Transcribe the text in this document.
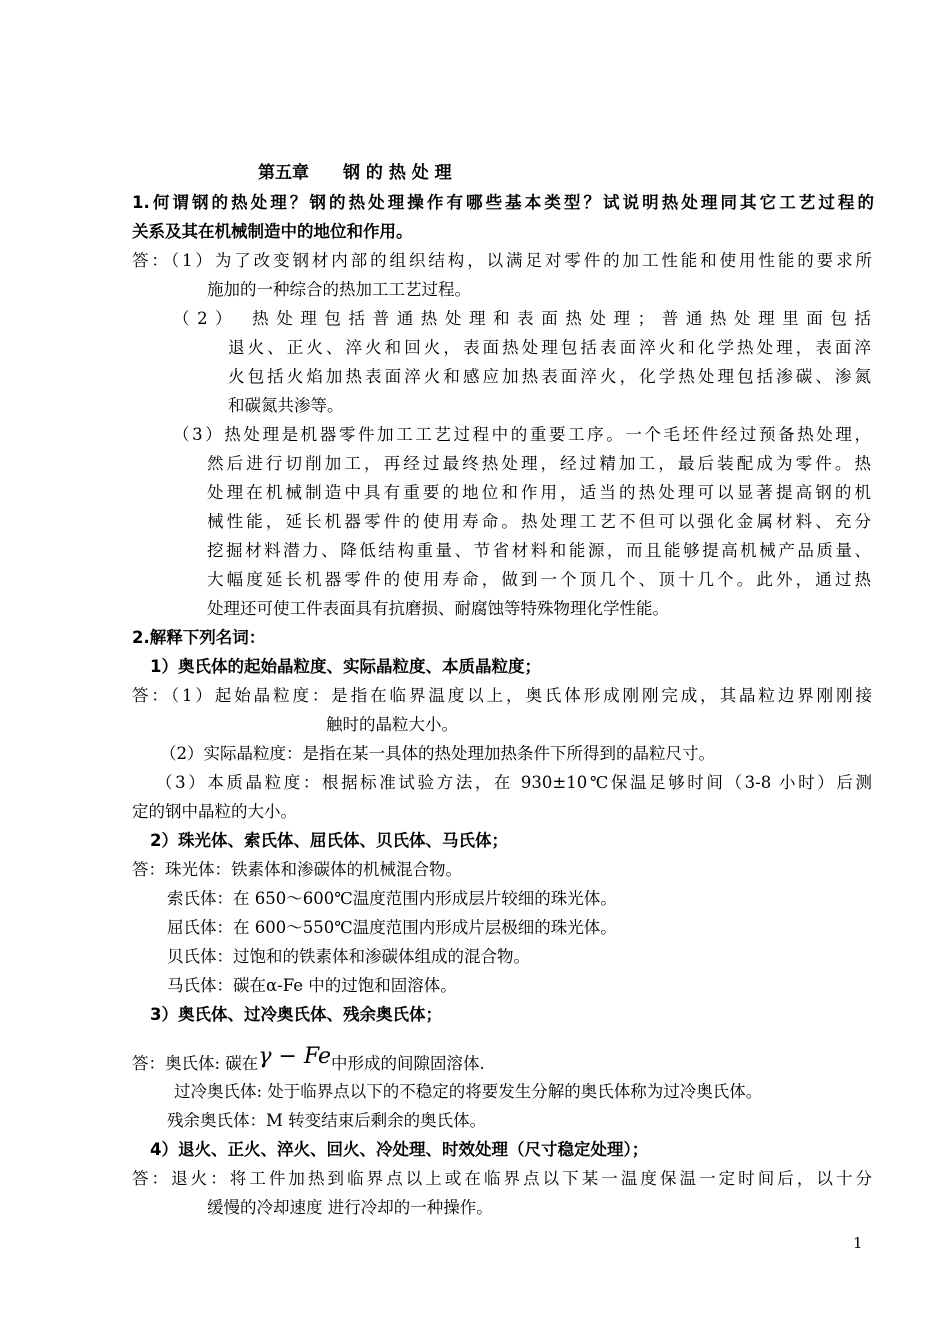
第五章 钢 的 热 处 理
1.何谓钢的热处理？钢的热处理操作有哪些基本类型？试说明热处理同其它工艺过程的
关系及其在机械制造中的地位和作用。
答：（1）为了改变钢材内部的组织结构，以满足对零件的加工性能和使用性能的要求所
施加的一种综合的热加工工艺过程。
（2） 热处理包括普通热处理和表面热处理；普通热处理里面包括
退火、正火、淬火和回火，表面热处理包括表面淬火和化学热处理，表面淬
火包括火焰加热表面淬火和感应加热表面淬火，化学热处理包括渗碳、渗氮
和碳氮共渗等。
（3）热处理是机器零件加工工艺过程中的重要工序。一个毛坯件经过预备热处理，
然后进行切削加工，再经过最终热处理，经过精加工，最后装配成为零件。热
处理在机械制造中具有重要的地位和作用，适当的热处理可以显著提高钢的机
械性能，延长机器零件的使用寿命。热处理工艺不但可以强化金属材料、充分
挖掘材料潜力、降低结构重量、节省材料和能源，而且能够提高机械产品质量、
大幅度延长机器零件的使用寿命，做到一个顶几个、顶十几个。此外，通过热
处理还可使工件表面具有抗磨损、耐腐蚀等特殊物理化学性能。
2.解释下列名词：
1）奥氏体的起始晶粒度、实际晶粒度、本质晶粒度；
答：（1）起始晶粒度：是指在临界温度以上，奥氏体形成刚刚完成，其晶粒边界刚刚接
触时的晶粒大小。
（2）实际晶粒度：是指在某一具体的热处理加热条件下所得到的晶粒尺寸。
（3）本质晶粒度：根据标准试验方法，在 930±10℃保温足够时间（3-8 小时）后测
定的钢中晶粒的大小。
2）珠光体、索氏体、屈氏体、贝氏体、马氏体；
答：珠光体：铁素体和渗碳体的机械混合物。
索氏体：在 650～600℃温度范围内形成层片较细的珠光体。
屈氏体：在 600～550℃温度范围内形成片层极细的珠光体。
贝氏体：过饱和的铁素体和渗碳体组成的混合物。
马氏体：碳在α-Fe 中的过饱和固溶体。
3）奥氏体、过冷奥氏体、残余奥氏体；
答：奥氏体: 碳在γ − Fe中形成的间隙固溶体.
过冷奥氏体: 处于临界点以下的不稳定的将要发生分解的奥氏体称为过冷奥氏体。
残余奥氏体：M 转变结束后剩余的奥氏体。
4）退火、正火、淬火、回火、冷处理、时效处理（尺寸稳定处理）；
答：退火：将工件加热到临界点以上或在临界点以下某一温度保温一定时间后，以十分
缓慢的冷却速度 进行冷却的一种操作。
1
